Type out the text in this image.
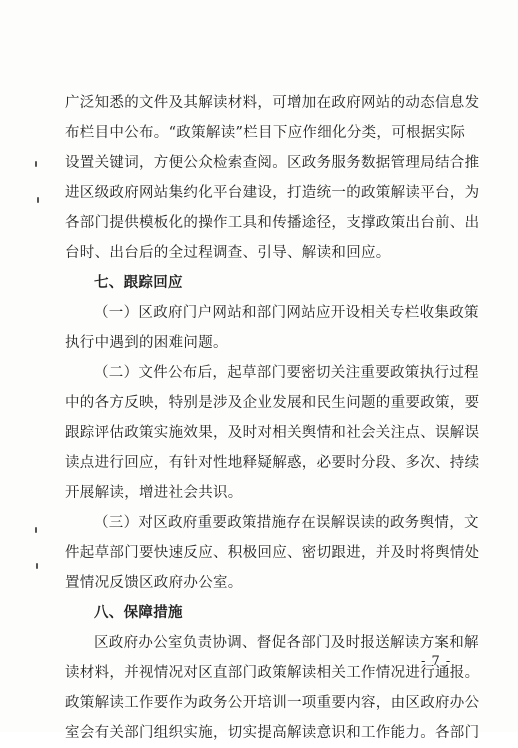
广泛知悉的文件及其解读材料，可增加在政府网站的动态信息发
布栏目中公布。“政策解读”栏目下应作细化分类，可根据实际
设置关键词，方便公众检索查阅。区政务服务数据管理局结合推
进区级政府网站集约化平台建设，打造统一的政策解读平台，为
各部门提供模板化的操作工具和传播途径，支撑政策出台前、出
台时、出台后的全过程调查、引导、解读和回应。
七、跟踪回应
（一）区政府门户网站和部门网站应开设相关专栏收集政策
执行中遇到的困难问题。
（二）文件公布后，起草部门要密切关注重要政策执行过程
中的各方反映，特别是涉及企业发展和民生问题的重要政策，要
跟踪评估政策实施效果，及时对相关舆情和社会关注点、误解误
读点进行回应，有针对性地释疑解惑，必要时分段、多次、持续
开展解读，增进社会共识。
（三）对区政府重要政策措施存在误解误读的政务舆情，文
件起草部门要快速反应、积极回应、密切跟进，并及时将舆情处
置情况反馈区政府办公室。
八、保障措施
区政府办公室负责协调、督促各部门及时报送解读方案和解
读材料，并视情况对区直部门政策解读相关工作情况进行通报。
政策解读工作要作为政务公开培训一项重要内容，由区政府办公
室会有关部门组织实施，切实提高解读意识和工作能力。各部门
- 7 -
